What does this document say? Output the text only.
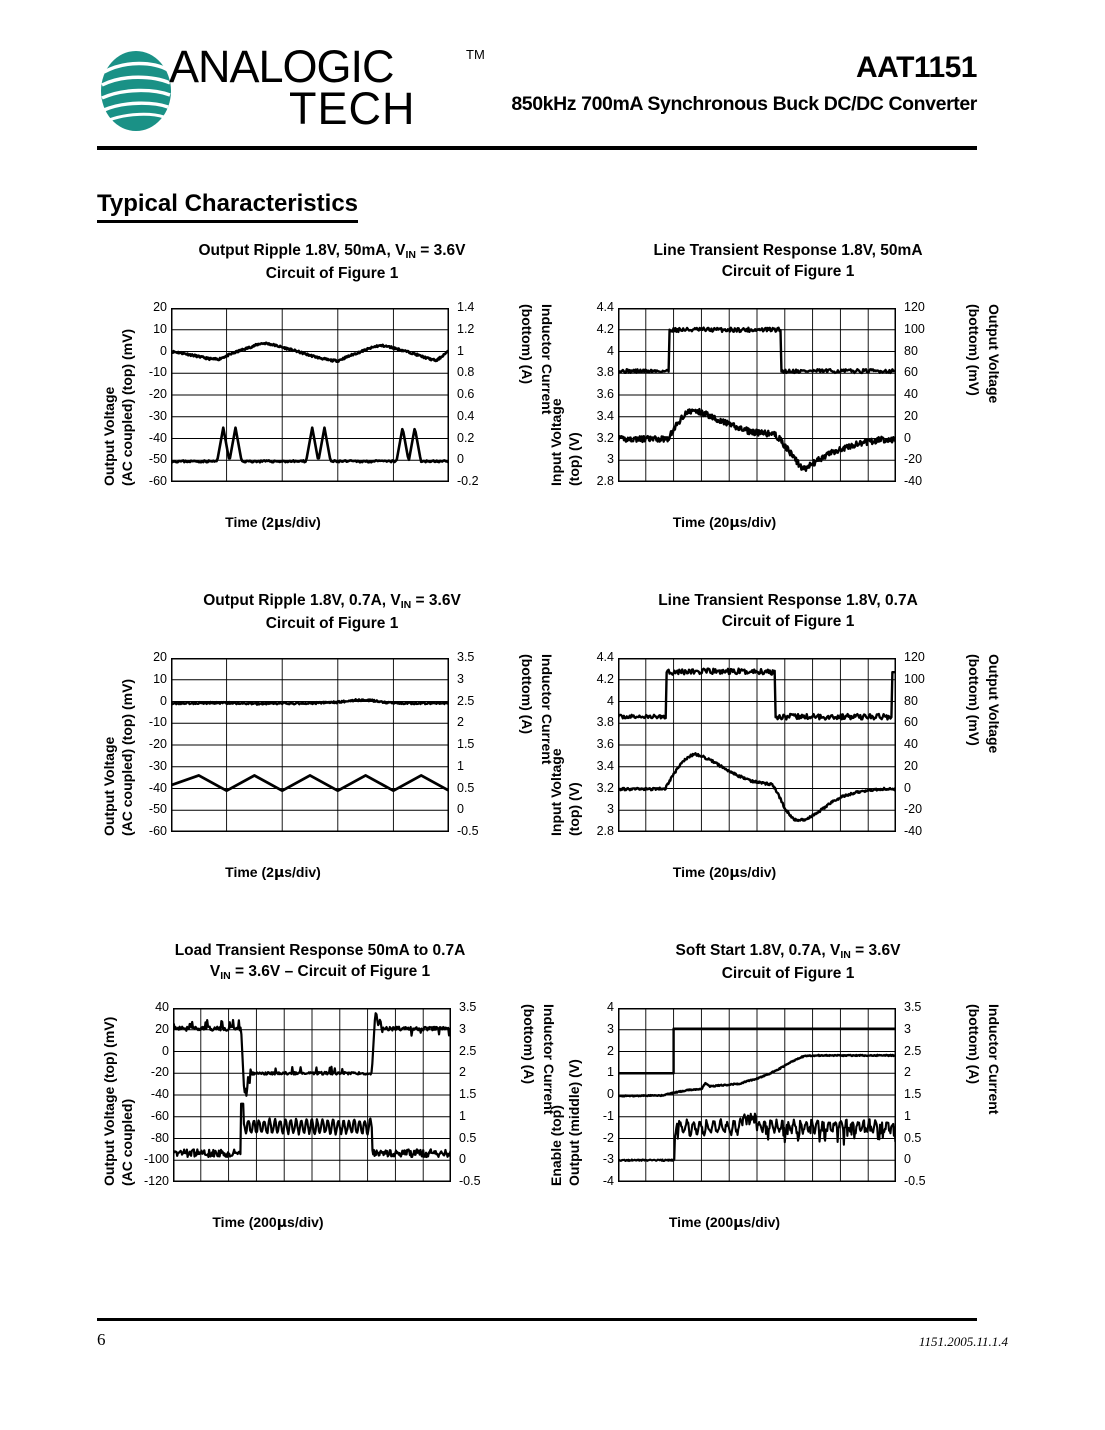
ANALOGIC	TM
TECH
AAT1151
850kHz 700mA Synchronous Buck DC/DC Converter
Typical Characteristics
Output Ripple 1.8V, 50mA, $V_{IN} = 3.6V$
Circuit of Figure 1
20
10
0
-10
-20
-30
-40
-50
-60
1.4
1.2
1
0.8
0.6
0.4
0.2
0
-0.2
Time (2μs/div)
Output Voltage (AC coupled) (top) (mV)	Inductor Current
(bottom) (A)
Line Transient Response 1.8V, 50mA
Circuit of Figure 1
4.4
4.2
4
3.8
3.6
3.4
3.2
3
2.8
120
100
80
60
40
20
0
-20
-40
Time (20μs/div)
Input Voltage (top) (V)
Output Voltage
(bottom) (mV)
Output Ripple 1.8V, 0.7A, $V_{IN} = 3.6V$
Circuit of Figure 1
20
10
0
-10
-20
-30
-40
-50
-60
3.5
3
2.5
2
1.5
1
0.5
0
-0.5
Time (2μs/div)
Output Voltage (AC coupled) (top) (mV)	Inductor Current
(bottom) (A)
Line Transient Response 1.8V, 0.7A
Circuit of Figure 1
4.4
4.2
4
3.8
3.6
3.4
3.2
3
2.8
120
100
80
60
40
20
0
-20
-40
Time (20μs/div)
Input Voltage (top) (V)
Output Voltage
(bottom) (mV)
Load Transient Response 50mA to 0.7A
$V_{IN} = 3.6V$ – Circuit of Figure 1
40
20
0
-20
-40
-60
-80
-100
-120
3.5
3
2.5
2
1.5
1
0.5
0
-0.5
Time (200μs/div)
Output Voltage (top) (mV) (AC coupled)
Inductor Current
(bottom) (A)
Soft Start 1.8V, 0.7A, $V_{IN} = 3.6V$
Circuit of Figure 1
4
3
2
1
0
-1
-2
-3
-4
3.5
3
2.5
2
1.5
1
0.5
0
-0.5
Time (200μs/div)
Enable (top) Output (middle) (V)
Inductor Current
(bottom) (A)
6	1151.2005.11.1.4
